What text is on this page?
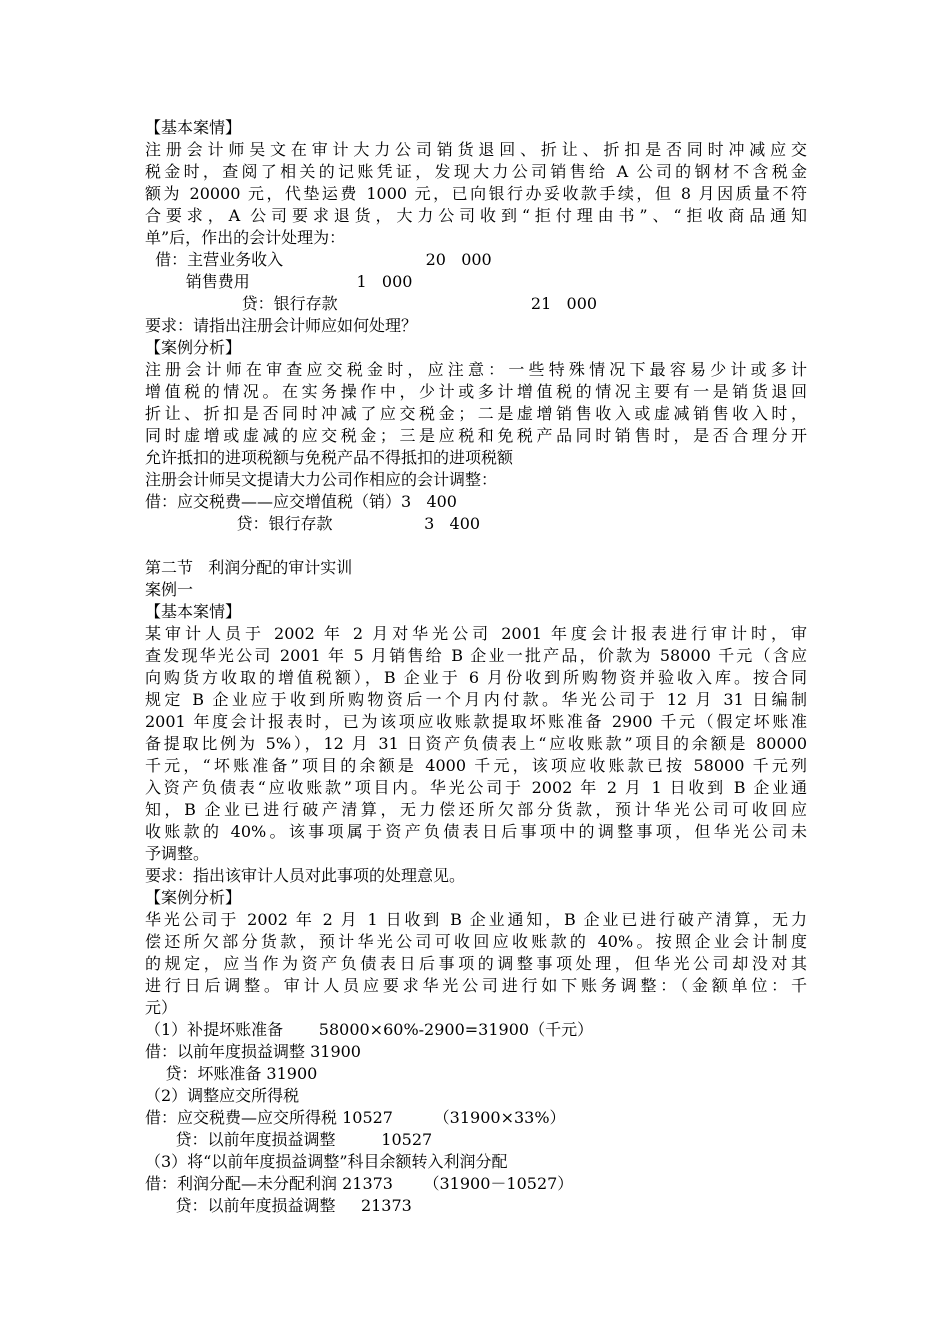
【基本案情】
注册会计师吴文在审计大力公司销货退回、折让、折扣是否同时冲减应交
税金时，查阅了相关的记账凭证，发现大力公司销售给 A 公司的钢材不含税金
额为 20000 元，代垫运费 1000 元，已向银行办妥收款手续，但 8 月因质量不符
合要求，A 公司要求退货，大力公司收到“拒付理由书”、“拒收商品通知
单”后，作出的会计处理为：
借：主营业务收入                            20   000
销售费用                     1   000
贷：银行存款                                      21   000
要求：请指出注册会计师应如何处理？
【案例分析】
注册会计师在审查应交税金时，应注意：一些特殊情况下最容易少计或多计
增值税的情况。在实务操作中，少计或多计增值税的情况主要有一是销货退回
折让、折扣是否同时冲减了应交税金；二是虚增销售收入或虚减销售收入时，
同时虚增或虚减的应交税金；三是应税和免税产品同时销售时，是否合理分开
允许抵扣的进项税额与免税产品不得抵扣的进项税额
注册会计师吴文提请大力公司作相应的会计调整：
借：应交税费——应交增值税（销）3   400
贷：银行存款                  3   400
第二节   利润分配的审计实训
案例一
【基本案情】
某审计人员于 2002 年 2 月对华光公司 2001 年度会计报表进行审计时，审
查发现华光公司 2001 年 5 月销售给 B 企业一批产品，价款为 58000 千元（含应
向购货方收取的增值税额），B 企业于 6 月份收到所购物资并验收入库。按合同
规定 B 企业应于收到所购物资后一个月内付款。华光公司于 12 月 31 日编制
2001 年度会计报表时，已为该项应收账款提取坏账准备 2900 千元（假定坏账准
备提取比例为 5%），12 月 31 日资产负债表上“应收账款”项目的余额是 80000
千元，“坏账准备”项目的余额是 4000 千元，该项应收账款已按 58000 千元列
入资产负债表“应收账款”项目内。华光公司于 2002 年 2 月 1 日收到 B 企业通
知，B 企业已进行破产清算，无力偿还所欠部分货款，预计华光公司可收回应
收账款的 40%。该事项属于资产负债表日后事项中的调整事项，但华光公司未
予调整。
要求：指出该审计人员对此事项的处理意见。
【案例分析】
华光公司于 2002 年 2 月 1 日收到 B 企业通知，B 企业已进行破产清算，无力
偿还所欠部分货款，预计华光公司可收回应收账款的 40%。按照企业会计制度
的规定，应当作为资产负债表日后事项的调整事项处理，但华光公司却没对其
进行日后调整。审计人员应要求华光公司进行如下账务调整：（金额单位：千
元）
（1）补提坏账准备       58000×60%-2900=31900（千元）
借：以前年度损益调整 31900
贷：坏账准备 31900
（2）调整应交所得税
借：应交税费—应交所得税 10527        （31900×33%）
贷：以前年度损益调整         10527
（3）将“以前年度损益调整”科目余额转入利润分配
借：利润分配—未分配利润 21373      （31900－10527）
贷：以前年度损益调整     21373
